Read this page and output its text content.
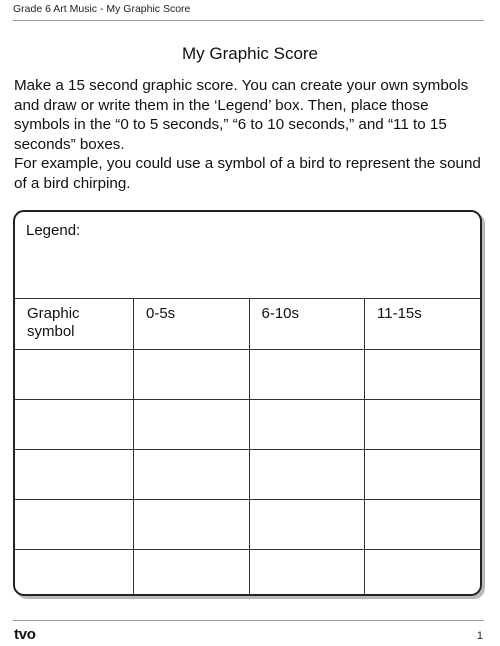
Grade 6 Art Music - My Graphic Score
My Graphic Score

Make a 15 second graphic score. You can create your own symbols and draw or write them in the ‘Legend’ box. Then, place those symbols in the “0 to 5 seconds,” “6 to 10 seconds,” and “11 to 15 seconds” boxes.

For example, you could use a symbol of a bird to represent the sound of a bird chirping.

Legend:
Graphic symbol	0-5s	6-10s	11-15s

tvo	1
